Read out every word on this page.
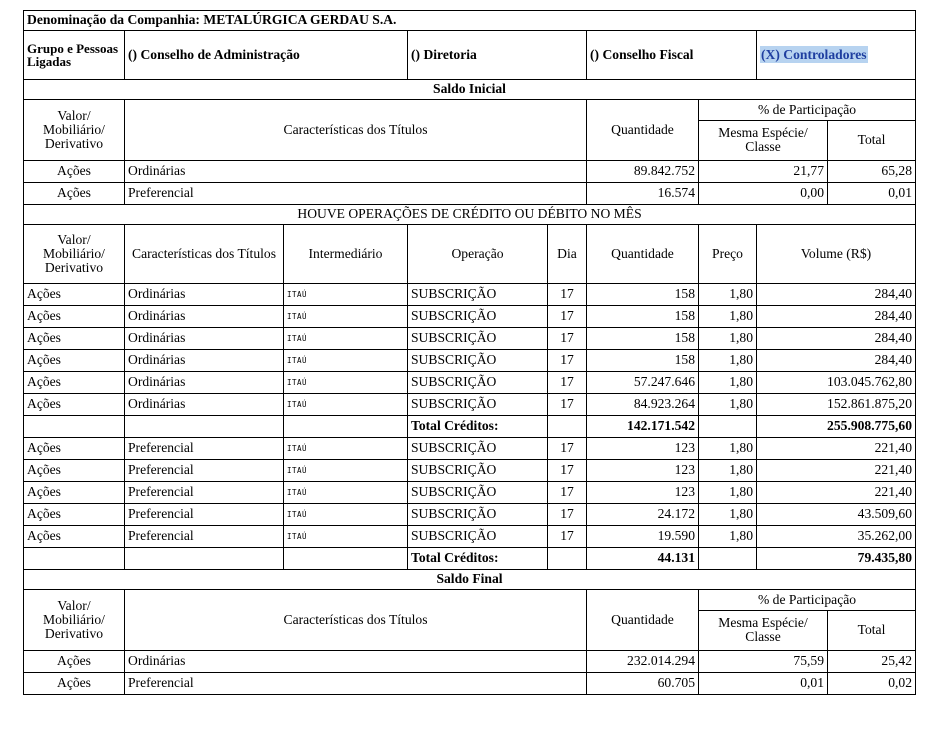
Denominação da Companhia: METALÚRGICA GERDAU S.A.								
Grupo e Pessoas Ligadas	() Conselho de Administração		() Diretoria		() Conselho Fiscal		(X) Controladores	
Saldo Inicial								
Valor/ Mobiliário/ Derivativo	Características dos Títulos				Quantidade	% de Participação		
						Mesma Espécie/ Classe		Total
Ações	Ordinárias				89.842.752	21,77		65,28
Ações	Preferencial				16.574	0,00		0,01
HOUVE OPERAÇÕES DE CRÉDITO OU DÉBITO NO MÊS								
Valor/ Mobiliário/ Derivativo	Características dos Títulos	Intermediário	Operação	Dia	Quantidade	Preço	Volume (R$)	
Ações	Ordinárias	ITAÚ	SUBSCRIÇÃO	17	158	1,80	284,40	
Ações	Ordinárias	ITAÚ	SUBSCRIÇÃO	17	158	1,80	284,40	
Ações	Ordinárias	ITAÚ	SUBSCRIÇÃO	17	158	1,80	284,40	
Ações	Ordinárias	ITAÚ	SUBSCRIÇÃO	17	158	1,80	284,40	
Ações	Ordinárias	ITAÚ	SUBSCRIÇÃO	17	57.247.646	1,80	103.045.762,80	
Ações	Ordinárias	ITAÚ	SUBSCRIÇÃO	17	84.923.264	1,80	152.861.875,20	
			Total Créditos:		142.171.542		255.908.775,60	
Ações	Preferencial	ITAÚ	SUBSCRIÇÃO	17	123	1,80	221,40	
Ações	Preferencial	ITAÚ	SUBSCRIÇÃO	17	123	1,80	221,40	
Ações	Preferencial	ITAÚ	SUBSCRIÇÃO	17	123	1,80	221,40	
Ações	Preferencial	ITAÚ	SUBSCRIÇÃO	17	24.172	1,80	43.509,60	
Ações	Preferencial	ITAÚ	SUBSCRIÇÃO	17	19.590	1,80	35.262,00	
			Total Créditos:		44.131		79.435,80	
Saldo Final								
Valor/ Mobiliário/ Derivativo	Características dos Títulos				Quantidade	% de Participação		
						Mesma Espécie/ Classe		Total
Ações	Ordinárias				232.014.294	75,59		25,42
Ações	Preferencial				60.705	0,01		0,02
